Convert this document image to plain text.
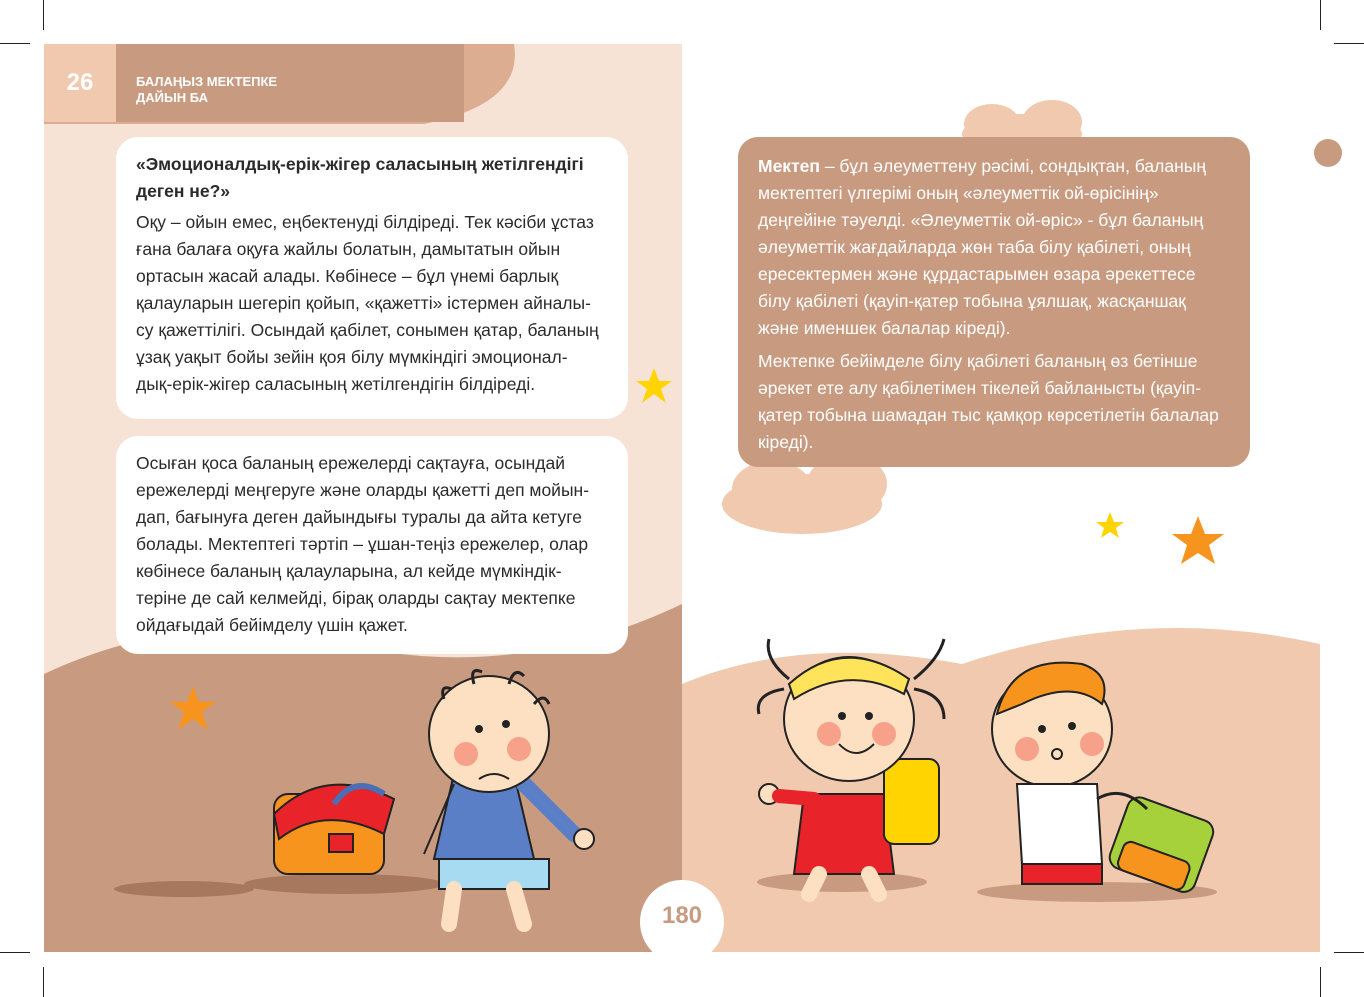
26	БАЛАҢЫЗ МЕКТЕПКЕ
ДАЙЫН БА
«Эмоционалдық-ерік-жігер саласының жетілгендігі
деген не?»
Оқу – ойын емес, еңбектенуді білдіреді. Тек кәсіби ұстаз
ғана балаға оқуға жайлы болатын, дамытатын ойын
ортасын жасай алады. Көбінесе – бұл үнемі барлық
қалауларын шегеріп қойып, «қажетті» істермен айналы-
су қажеттілігі. Осындай қабілет, сонымен қатар, баланың
ұзақ уақыт бойы зейін қоя білу мүмкіндігі эмоционал-
дық-ерік-жігер саласының жетілгендігін білдіреді.
Осыған қоса баланың ережелерді сақтауға, осындай
ережелерді меңгеруге және оларды қажетті деп мойын-
дап, бағынуға деген дайындығы туралы да айта кетуге
болады. Мектептегі тәртіп – ұшан-теңіз ережелер, олар
көбінесе баланың қалауларына, ал кейде мүмкіндік-
теріне де сай келмейді, бірақ оларды сақтау мектепке
ойдағыдай бейімделу үшін қажет.
180

Мектеп – бұл әлеуметтену рәсімі, сондықтан, баланың мектептегі үлгерімі оның «әлеуметтік ой-өрісінің» деңгейіне тәуелді. «Әлеуметтік ой-өріс» - бұл баланың әлеуметтік жағдайларда жөн таба білу қабілеті, оның ересектермен және құрдастарымен өзара әрекеттесе білу қабілеті (қауіп-қатер тобына ұялшақ, жасқаншақ және именшек балалар кіреді).

Мектепке бейімделе білу қабілеті баланың өз бетінше әрекет ете алу қабілетімен тікелей байланысты (қауіп-қатер тобына шамадан тыс қамқор көрсетілетін балалар кіреді).
